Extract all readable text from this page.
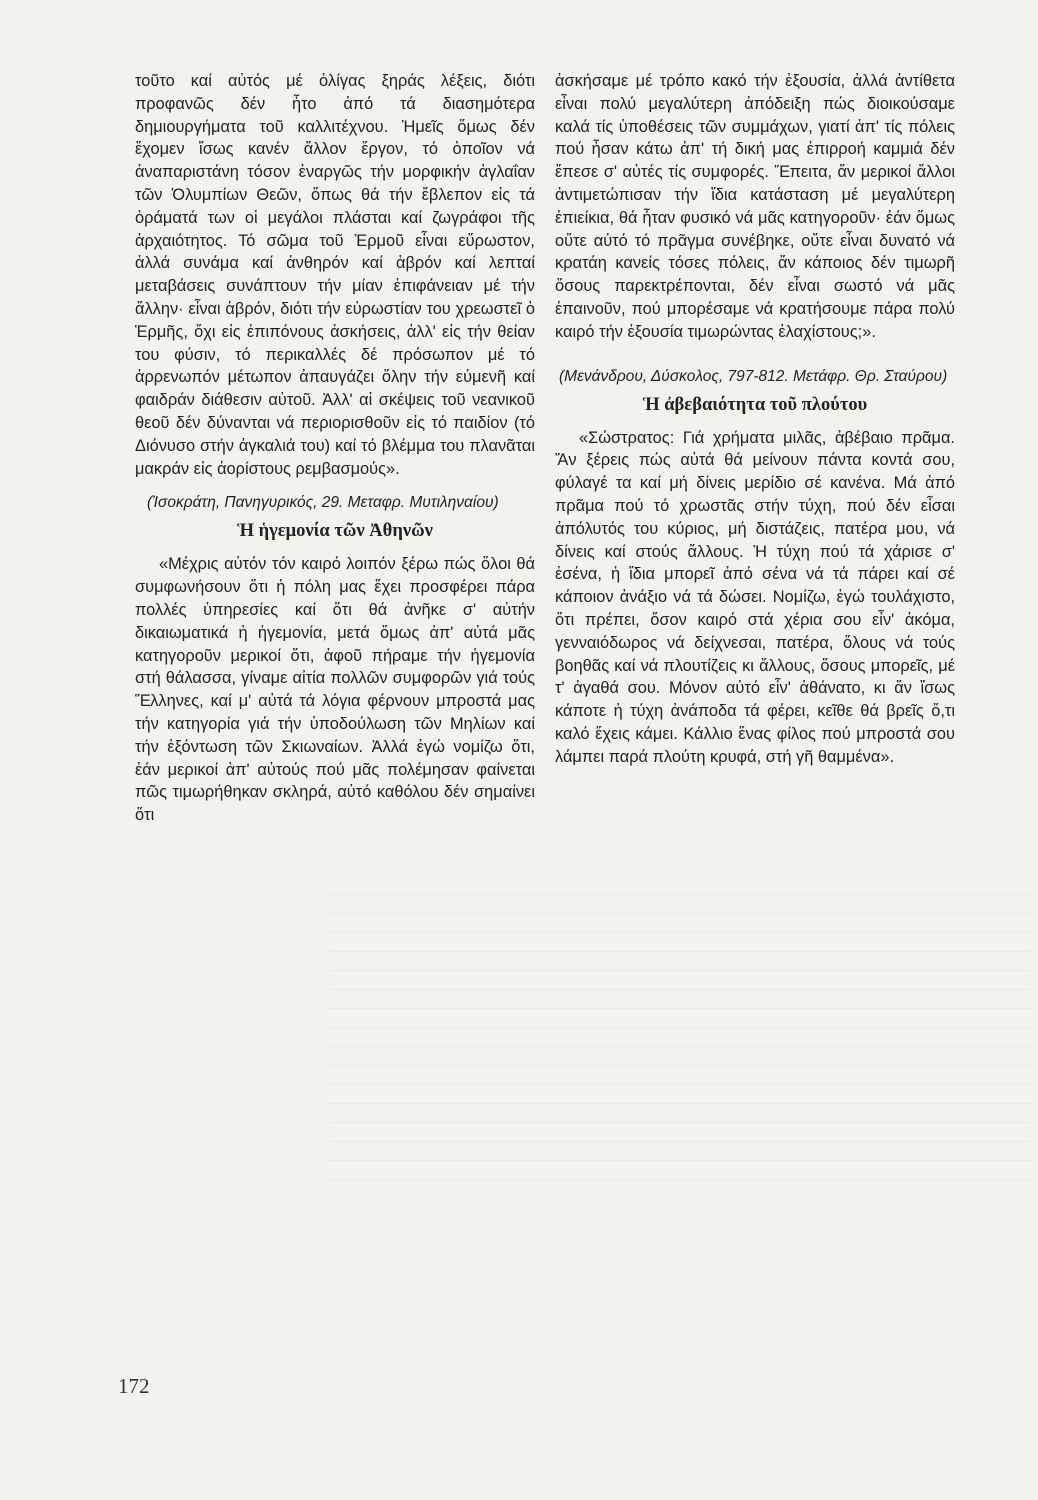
τοῦτο καί αὐτός μέ ὀλίγας ξηράς λέξεις, διότι προφανῶς δέν ἦτο ἀπό τά διασημότερα δημιουργήματα τοῦ καλλιτέχνου. Ἡμεῖς ὅμως δέν ἔχομεν ἴσως κανέν ἄλλον ἔργον, τό ὁποῖον νά ἀναπαριστάνη τόσον ἐναργῶς τήν μορφικήν ἀγλαΐαν τῶν Ὀλυμπίων Θεῶν, ὅπως θά τήν ἔβλεπον εἰς τά ὁράματά των οἱ μεγάλοι πλάσται καί ζωγράφοι τῆς ἀρχαιότητος. Τό σῶμα τοῦ Ἑρμοῦ εἶναι εὔρωστον, ἀλλά συνάμα καί ἀνθηρόν καί ἁβρόν καί λεπταί μεταβάσεις συνάπτουν τήν μίαν ἐπιφάνειαν μέ τήν ἄλλην· εἶναι ἁβρόν, διότι τήν εὐρωστίαν του χρεωστεῖ ὁ Ἑρμῆς, ὄχι εἰς ἐπιπόνους ἀσκήσεις, ἀλλ' εἰς τήν θείαν του φύσιν, τό περικαλλές δέ πρόσωπον μέ τό ἀρρενωπόν μέτωπον ἀπαυγάζει ὅλην τήν εὐμενῆ καί φαιδράν διάθεσιν αὐτοῦ. Ἀλλ' αἱ σκέψεις τοῦ νεανικοῦ θεοῦ δέν δύνανται νά περιορισθοῦν εἰς τό παιδίον (τό Διόνυσο στήν ἀγκαλιά του) καί τό βλέμμα του πλανᾶται μακράν εἰς ἀορίστους ρεμβασμούς».

(Ἰσοκράτη, Πανηγυρικός, 29. Μεταφρ. Μυτιληναίου)

Ἡ ἡγεμονία τῶν Ἀθηνῶν

«Μέχρις αὐτόν τόν καιρό λοιπόν ξέρω πώς ὅλοι θά συμφωνήσουν ὅτι ἡ πόλη μας ἔχει προσφέρει πάρα πολλές ὑπηρεσίες καί ὅτι θά ἀνῆκε σ' αὐτήν δικαιωματικά ἡ ἡγεμονία, μετά ὅμως ἀπ' αὐτά μᾶς κατηγοροῦν μερικοί ὅτι, ἀφοῦ πήραμε τήν ἡγεμονία στή θάλασσα, γίναμε αἰτία πολλῶν συμφορῶν γιά τούς Ἕλληνες, καί μ' αὐτά τά λόγια φέρνουν μπροστά μας τήν κατηγορία γιά τήν ὑποδούλωση τῶν Μηλίων καί τήν ἐξόντωση τῶν Σκιωναίων. Ἀλλά ἐγώ νομίζω ὅτι, ἐάν μερικοί ἀπ' αὐτούς πού μᾶς πολέμησαν φαίνεται πῶς τιμωρήθηκαν σκληρά, αὐτό καθόλου δέν σημαίνει ὅτι

ἀσκήσαμε μέ τρόπο κακό τήν ἐξουσία, ἀλλά ἀντίθετα εἶναι πολύ μεγαλύτερη ἀπόδειξη πώς διοικούσαμε καλά τίς ὑποθέσεις τῶν συμμάχων, γιατί ἀπ' τίς πόλεις πού ἦσαν κάτω ἀπ' τή δική μας ἐπιρροή καμμιά δέν ἔπεσε σ' αὐτές τίς συμφορές. Ἔπειτα, ἄν μερικοί ἄλλοι ἀντιμετώπισαν τήν ἴδια κατάσταση μέ μεγαλύτερη ἐπιείκια, θά ἦταν φυσικό νά μᾶς κατηγοροῦν· ἐάν ὅμως οὔτε αὐτό τό πρᾶγμα συνέβηκε, οὔτε εἶναι δυνατό νά κρατάη κανείς τόσες πόλεις, ἄν κάποιος δέν τιμωρῆ ὅσους παρεκτρέπονται, δέν εἶναι σωστό νά μᾶς ἐπαινοῦν, πού μπορέσαμε νά κρατήσουμε πάρα πολύ καιρό τήν ἐξουσία τιμωρώντας ἐλαχίστους;».

(Μενάνδρου, Δύσκολος, 797-812. Μετάφρ. Θρ. Σταύρου)

Ἡ ἀβεβαιότητα τοῦ πλούτου

«Σώστρατος: Γιά χρήματα μιλᾶς, ἀβέβαιο πρᾶμα. Ἄν ξέρεις πώς αὐτά θά μείνουν πάντα κοντά σου, φύλαγέ τα καί μή δίνεις μερίδιο σέ κανένα. Μά ἀπό πρᾶμα πού τό χρωστᾶς στήν τύχη, πού δέν εἶσαι ἀπόλυτός του κύριος, μή διστάζεις, πατέρα μου, νά δίνεις καί στούς ἄλλους. Ἡ τύχη πού τά χάρισε σ' ἐσένα, ἡ ἴδια μπορεῖ ἀπό σένα νά τά πάρει καί σέ κάποιον ἀνάξιο νά τά δώσει. Νομίζω, ἐγώ τουλάχιστο, ὅτι πρέπει, ὅσον καιρό στά χέρια σου εἶν' ἀκόμα, γενναιόδωρος νά δείχνεσαι, πατέρα, ὅλους νά τούς βοηθᾶς καί νά πλουτίζεις κι ἄλλους, ὅσους μπορεῖς, μέ τ' ἀγαθά σου. Μόνον αὐτό εἶν' ἀθάνατο, κι ἄν ἴσως κάποτε ἡ τύχη ἀνάποδα τά φέρει, κεῖθε θά βρεῖς ὅ,τι καλό ἔχεις κάμει. Κάλλιο ἕνας φίλος πού μπροστά σου λάμπει παρά πλούτη κρυφά, στή γῆ θαμμένα».

172
